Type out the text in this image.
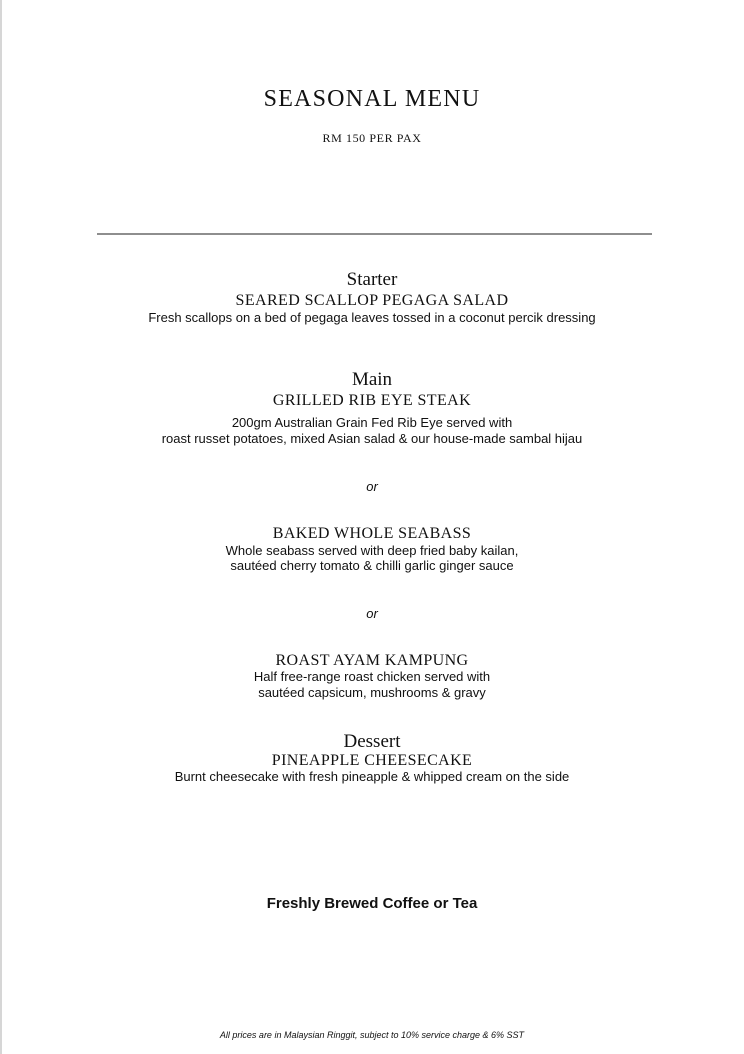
SEASONAL MENU
RM 150 PER PAX
Starter
SEARED SCALLOP PEGAGA SALAD
Fresh scallops on a bed of pegaga leaves tossed in a coconut percik dressing
Main
GRILLED RIB EYE STEAK
200gm Australian Grain Fed Rib Eye served with
roast russet potatoes, mixed Asian salad & our house-made sambal hijau
or
BAKED WHOLE SEABASS
Whole seabass served with deep fried baby kailan,
sautéed cherry tomato & chilli garlic ginger sauce
or
ROAST AYAM KAMPUNG
Half free-range roast chicken served with
sautéed capsicum, mushrooms & gravy
Dessert
PINEAPPLE CHEESECAKE
Burnt cheesecake with fresh pineapple & whipped cream on the side
Freshly Brewed Coffee or Tea
All prices are in Malaysian Ringgit, subject to 10% service charge & 6% SST
